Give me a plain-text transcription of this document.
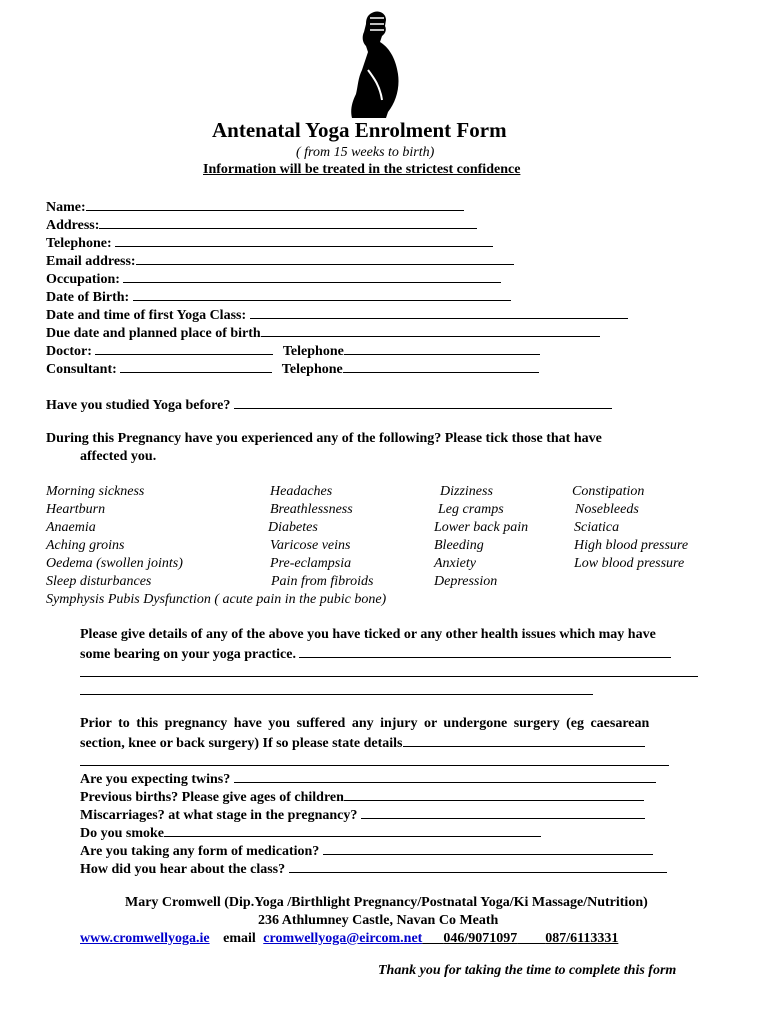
Antenatal Yoga Enrolment Form
( from 15 weeks to birth)
Information will be treated in the strictest confidence
Name:
Address:
Telephone:
Email address:
Occupation:
Date of Birth:
Date and time of first Yoga Class:
Due date and planned place of birth
Doctor:	Telephone
Consultant:	Telephone
Have you studied Yoga before?
During this Pregnancy have you experienced any of the following? Please tick those that have
affected you.
Morning sickness
Heartburn
Anaemia
Aching groins
Oedema (swollen joints)
Sleep disturbances
Headaches
Breathlessness
Diabetes
Varicose veins
Pre-eclampsia
Pain from fibroids
Dizziness
Leg cramps
Lower back pain
Bleeding
Anxiety
Depression
Constipation
Nosebleeds
Sciatica
High blood pressure
Low blood pressure
Symphysis Pubis Dysfunction ( acute pain in the pubic bone)
Please give details of any of the above you have ticked or any other health issues which may have
some bearing on your yoga practice.
Prior to this pregnancy have you suffered any injury or undergone surgery (eg caesarean
section, knee or back surgery) If so please state details
Are you expecting twins?
Previous births? Please give ages of children
Miscarriages? at what stage in the pregnancy?
Do you smoke
Are you taking any form of medication?
How did you hear about the class?
Mary Cromwell (Dip.Yoga /Birthlight Pregnancy/Postnatal Yoga/Ki Massage/Nutrition)
236 Athlumney Castle, Navan Co Meath
www.cromwellyoga.ie email cromwellyoga@eircom.net 046/9071097 087/6113331
Thank you for taking the time to complete this form
